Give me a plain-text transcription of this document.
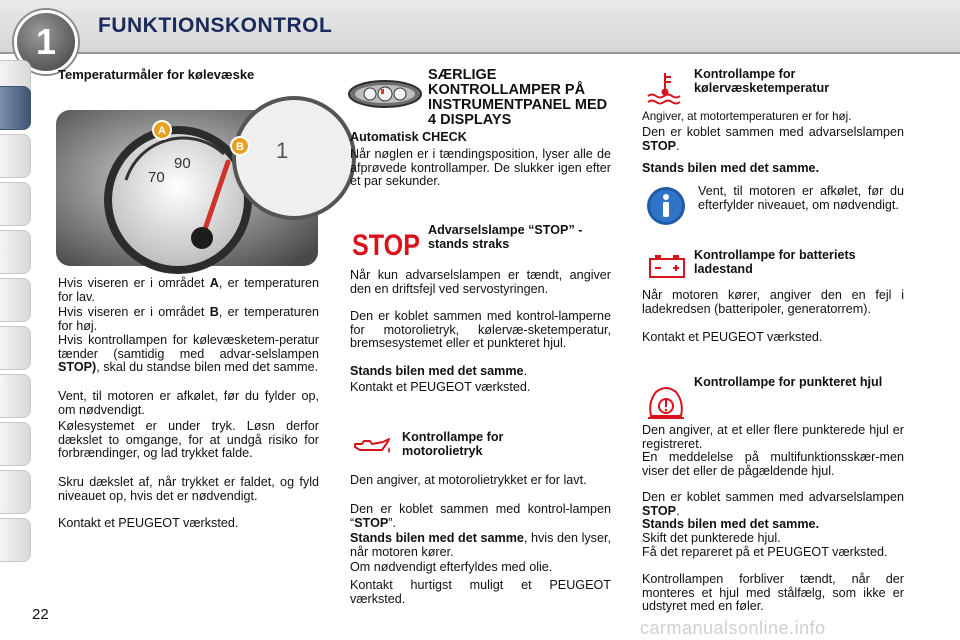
1	FUNKTIONSKONTROL
Temperaturmåler for kølevæske
A
B
70
90
1
Hvis viseren er i området A, er temperaturen for lav.
Hvis viseren er i området B, er temperaturen for høj.
Hvis kontrollampen for kølevæsketem-peratur tænder (samtidig med advar-selslampen STOP), skal du standse bilen med det samme.
Vent, til motoren er afkølet, før du fylder op, om nødvendigt.
Kølesystemet er under tryk. Løsn derfor dækslet to omgange, for at undgå risiko for forbrændinger, og lad trykket falde.
Skru dækslet af, når trykket er faldet, og fyld niveauet op, hvis det er nødvendigt.
Kontakt et PEUGEOT værksted.
SÆRLIGE KONTROLLAMPER PÅ INSTRUMENTPANEL MED 4 DISPLAYS
Automatisk CHECK
Når nøglen er i tændingsposition, lyser alle de afprøvede kontrollamper. De slukker igen efter et par sekunder.
STOP Advarselslampe “STOP” - stands straks
Når kun advarselslampen er tændt, angiver den en driftsfejl ved servostyringen.
Den er koblet sammen med kontrol-lamperne for motorolietryk, kølervæ-sketemperatur, bremsesystemet eller et punkteret hjul.
Stands bilen med det samme.
Kontakt et PEUGEOT værksted.
Kontrollampe for motorolietryk
Den angiver, at motorolietrykket er for lavt.
Den er koblet sammen med kontrol-lampen “STOP”.
Stands bilen med det samme, hvis den lyser, når motoren kører.
Om nødvendigt efterfyldes med olie.
Kontakt hurtigst muligt et PEUGEOT værksted.
Kontrollampe for kølervæsketemperatur
Angiver, at motortemperaturen er for høj.
Den er koblet sammen med advarselslampen STOP.
Stands bilen med det samme.
Vent, til motoren er afkølet, før du efterfylder niveauet, om nødvendigt.
Kontrollampe for batteriets ladestand
Når motoren kører, angiver den en fejl i ladekredsen (batteripoler, generatorrem).
Kontakt et PEUGEOT værksted.
Kontrollampe for punkteret hjul
Den angiver, at et eller flere punkterede hjul er registreret.
En meddelelse på multifunktionsskær-men viser det eller de pågældende hjul.
Den er koblet sammen med advarselslampen STOP.
Stands bilen med det samme.
Skift det punkterede hjul.
Få det repareret på et PEUGEOT værksted.
Kontrollampen forbliver tændt, når der monteres et hjul med stålfælg, som ikke er udstyret med en føler.
22
carmanualsonline.info
